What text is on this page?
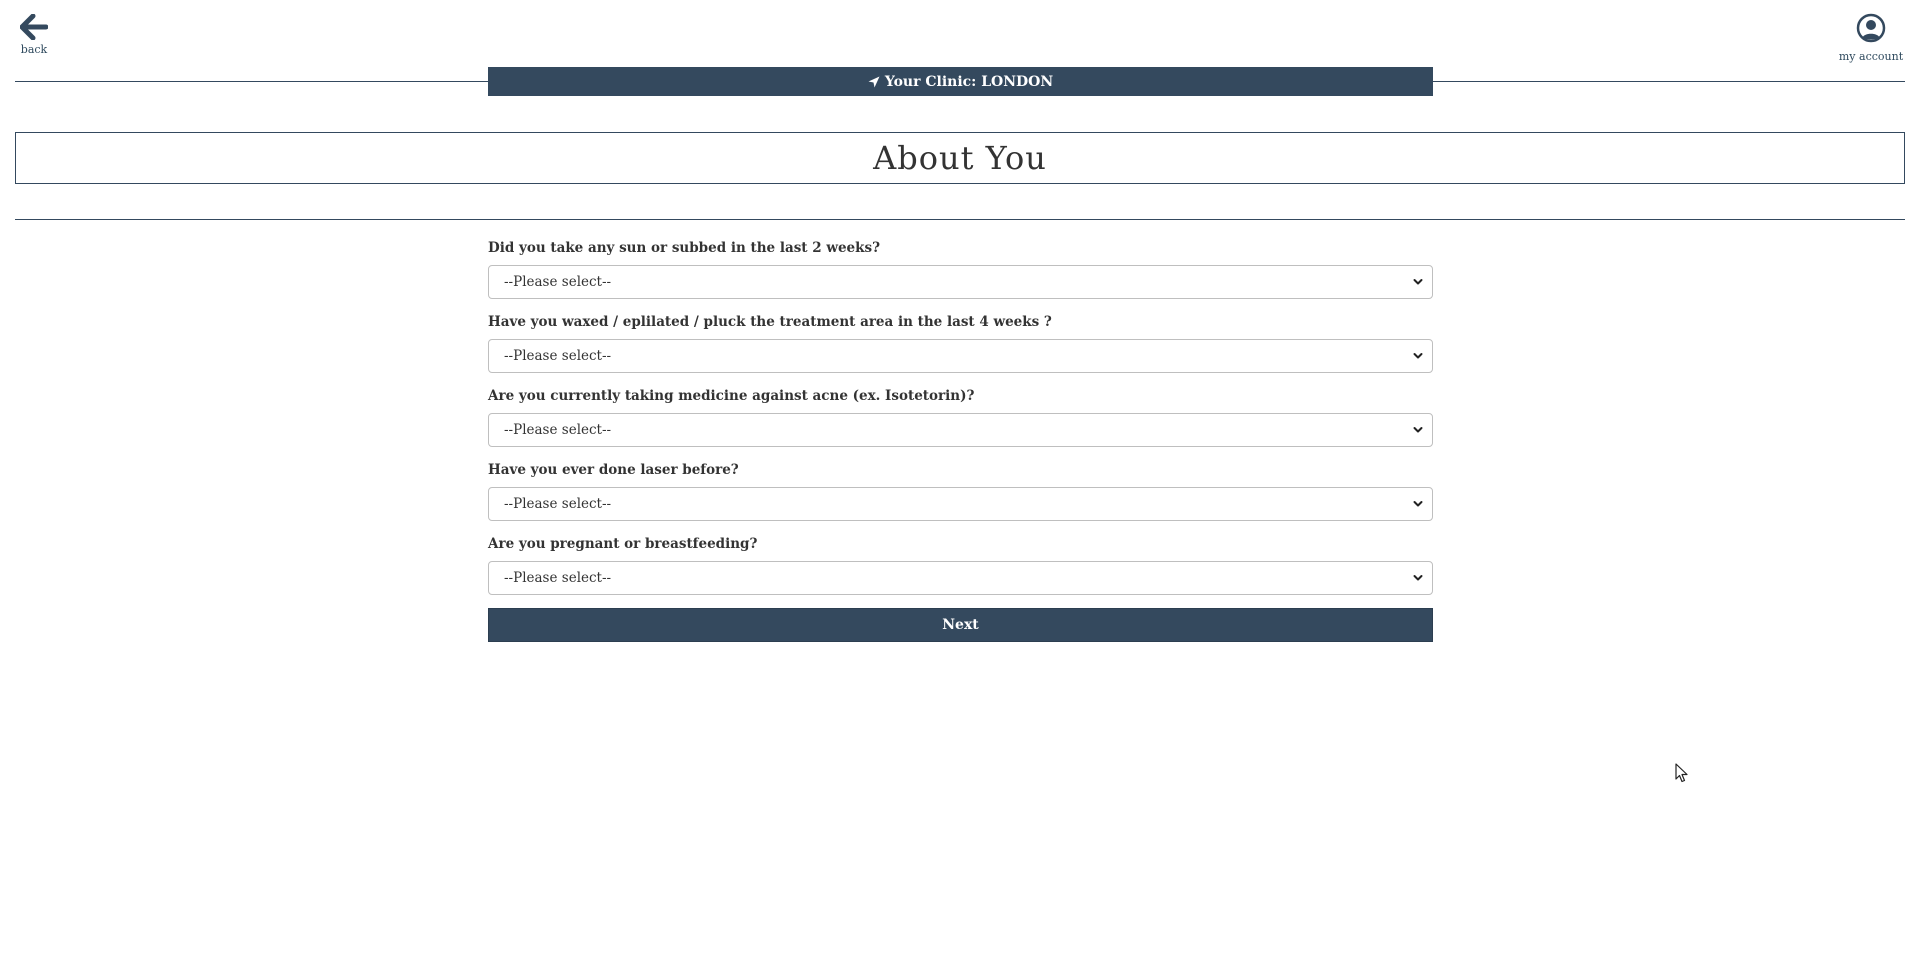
back
my account
Your Clinic: LONDON
About You
Did you take any sun or subbed in the last 2 weeks?
--Please select--
Have you waxed / eplilated / pluck the treatment area in the last 4 weeks ?
--Please select--
Are you currently taking medicine against acne (ex. Isotetorin)?
--Please select--
Have you ever done laser before?
--Please select--
Are you pregnant or breastfeeding?
--Please select--
Next
